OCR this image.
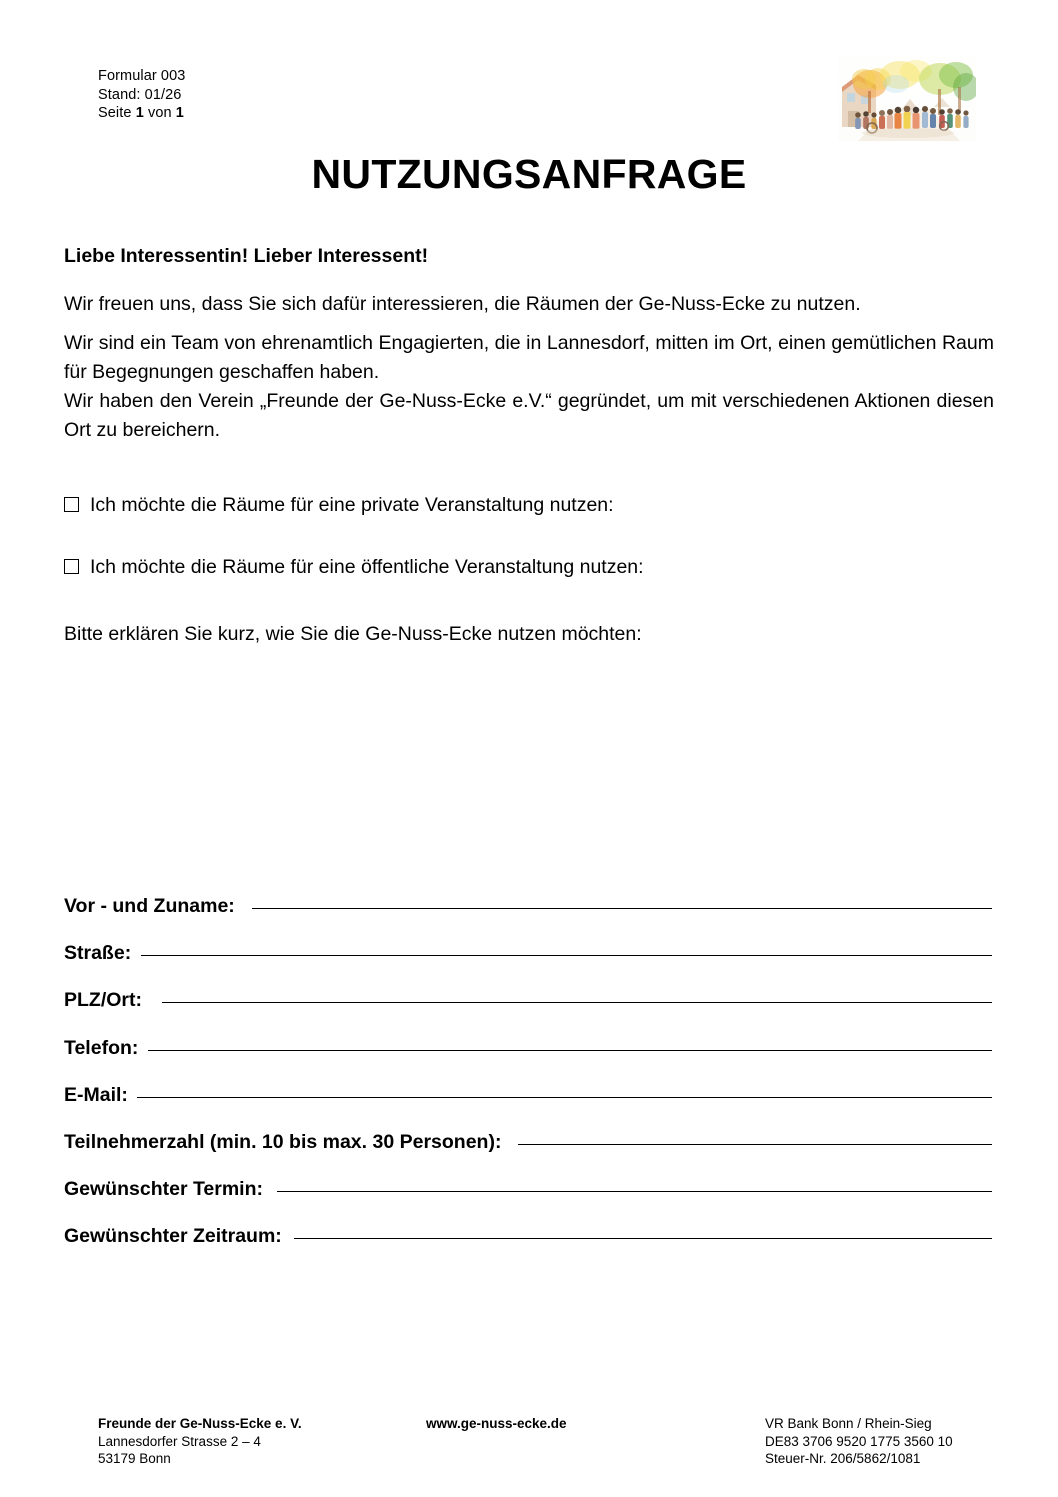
Formular 003
Stand: 01/26
Seite 1 von 1
NUTZUNGSANFRAGE
Liebe Interessentin! Lieber Interessent!
Wir freuen uns, dass Sie sich dafür interessieren, die Räumen der Ge-Nuss-Ecke zu nutzen.
Wir sind ein Team von ehrenamtlich Engagierten, die in Lannesdorf, mitten im Ort, einen gemütlichen Raum für Begegnungen geschaffen haben.
Wir haben den Verein „Freunde der Ge-Nuss-Ecke e.V.“ gegründet, um mit verschiedenen Aktionen diesen Ort zu bereichern.
Ich möchte die Räume für eine private Veranstaltung nutzen:
Ich möchte die Räume für eine öffentliche Veranstaltung nutzen:
Bitte erklären Sie kurz, wie Sie die Ge-Nuss-Ecke nutzen möchten:
Vor - und Zuname:
Straße:
PLZ/Ort:
Telefon:
E-Mail:
Teilnehmerzahl (min. 10 bis max. 30 Personen):
Gewünschter Termin:
Gewünschter Zeitraum:
Freunde der Ge-Nuss-Ecke e. V.
Lannesdorfer Strasse 2 – 4
53179 Bonn
www.ge-nuss-ecke.de	VR Bank Bonn / Rhein-Sieg
DE83 3706 9520 1775 3560 10
Steuer-Nr. 206/5862/1081
